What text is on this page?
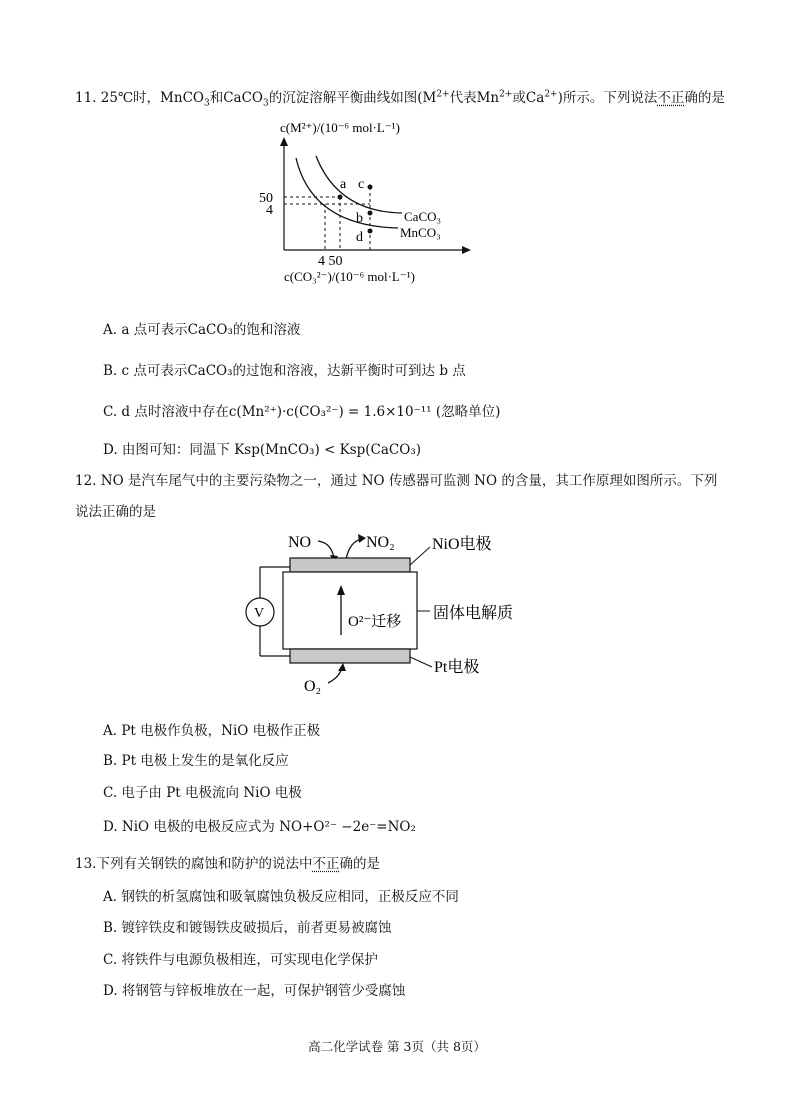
11. 25℃时，MnCO$_3$和CaCO$_3$的沉淀溶解平衡曲线如图($M^{2+}$代表$Mn^{2+}$或$Ca^{2+}$)所示。下列说法不正确的是
c(M²⁺)/(10⁻⁶ mol·L⁻¹)
a c
b
d
CaCO₃
MnCO₃
50
4
4 50
c(CO₃²⁻)/(10⁻⁶ mol·L⁻¹)
A. a 点可表示CaCO₃的饱和溶液
B. c 点可表示CaCO₃的过饱和溶液，达新平衡时可到达 b 点
C. d 点时溶液中存在c(Mn²⁺)·c(CO₃²⁻) = 1.6×10⁻¹¹ (忽略单位)
D. 由图可知：同温下 Ksp(MnCO₃) < Ksp(CaCO₃)
12. NO 是汽车尾气中的主要污染物之一，通过 NO 传感器可监测 NO 的含量，其工作原理如图所示。下列
说法正确的是
NO	NO₂ NiO电极
O²⁻迁移 固体电解质
Pt电极
V
O₂
A. Pt 电极作负极，NiO 电极作正极
B. Pt 电极上发生的是氧化反应
C. 电子由 Pt 电极流向 NiO 电极
D. NiO 电极的电极反应式为 NO+O²⁻ −2e⁻=NO₂
13.下列有关钢铁的腐蚀和防护的说法中不正确的是
A. 钢铁的析氢腐蚀和吸氧腐蚀负极反应相同，正极反应不同
B. 镀锌铁皮和镀锡铁皮破损后，前者更易被腐蚀
C. 将铁件与电源负极相连，可实现电化学保护
D. 将钢管与锌板堆放在一起，可保护钢管少受腐蚀
高二化学试卷 第 3页（共 8页）
